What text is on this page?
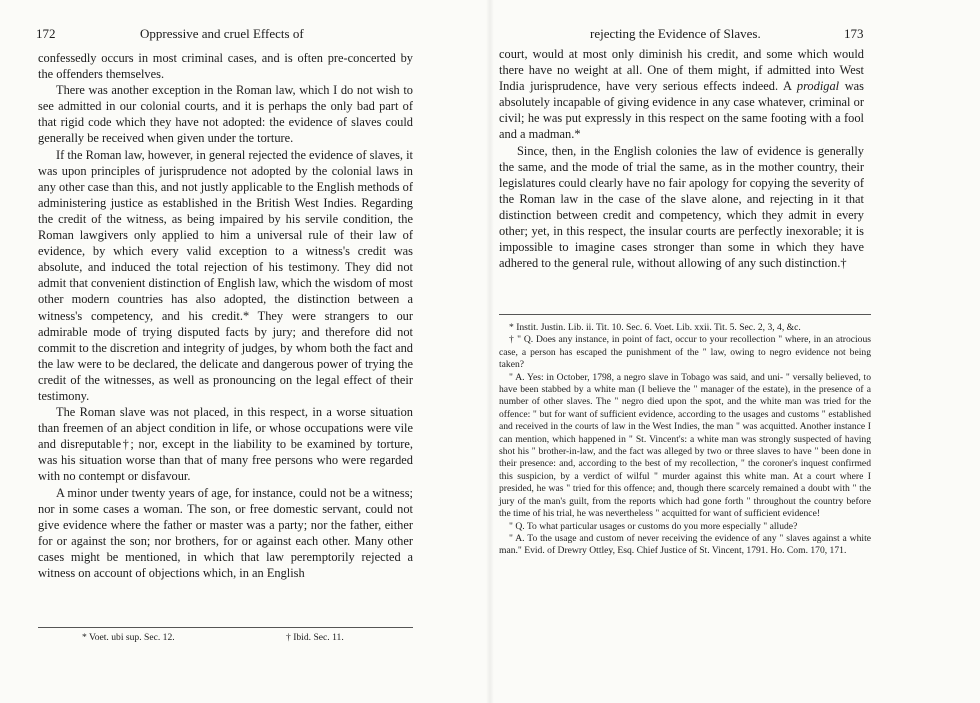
172	Oppressive and cruel Effects of

confessedly occurs in most criminal cases, and is often pre-concerted by the offenders themselves.

There was another exception in the Roman law, which I do not wish to see admitted in our colonial courts, and it is perhaps the only bad part of that rigid code which they have not adopted: the evidence of slaves could generally be received when given under the torture.

If the Roman law, however, in general rejected the evidence of slaves, it was upon principles of jurisprudence not adopted by the colonial laws in any other case than this, and not justly applicable to the English methods of administering justice as established in the British West Indies. Regarding the credit of the witness, as being impaired by his servile condition, the Roman lawgivers only applied to him a universal rule of their law of evidence, by which every valid exception to a witness's credit was absolute, and induced the total rejection of his testimony. They did not admit that convenient distinction of English law, which the wisdom of most other modern countries has also adopted, the distinction between a witness's competency, and his credit.* They were strangers to our admirable mode of trying disputed facts by jury; and therefore did not commit to the discretion and integrity of judges, by whom both the fact and the law were to be declared, the delicate and dangerous power of trying the credit of the witnesses, as well as pronouncing on the legal effect of their testimony.

The Roman slave was not placed, in this respect, in a worse situation than freemen of an abject condition in life, or whose occupations were vile and disreputable†; nor, except in the liability to be examined by torture, was his situation worse than that of many free persons who were regarded with no contempt or disfavour.

A minor under twenty years of age, for instance, could not be a witness; nor in some cases a woman. The son, or free domestic servant, could not give evidence where the father or master was a party; nor the father, either for or against the son; nor brothers, for or against each other. Many other cases might be mentioned, in which that law peremptorily rejected a witness on account of objections which, in an English

* Voet. ubi sup. Sec. 12.	† Ibid. Sec. 11.
rejecting the Evidence of Slaves.	173

court, would at most only diminish his credit, and some which would there have no weight at all. One of them might, if admitted into West India jurisprudence, have very serious effects indeed. A prodigal was absolutely incapable of giving evidence in any case whatever, criminal or civil; he was put expressly in this respect on the same footing with a fool and a madman.*

Since, then, in the English colonies the law of evidence is generally the same, and the mode of trial the same, as in the mother country, their legislatures could clearly have no fair apology for copying the severity of the Roman law in the case of the slave alone, and rejecting in it that distinction between credit and competency, which they admit in every other; yet, in this respect, the insular courts are perfectly inexorable; it is impossible to imagine cases stronger than some in which they have adhered to the general rule, without allowing of any such distinction.†

* Instit. Justin. Lib. ii. Tit. 10. Sec. 6. Voet. Lib. xxii. Tit. 5. Sec. 2, 3, 4, &c.

† " Q. Does any instance, in point of fact, occur to your recollection " where, in an atrocious case, a person has escaped the punishment of the " law, owing to negro evidence not being taken?

" A. Yes: in October, 1798, a negro slave in Tobago was said, and uni- " versally believed, to have been stabbed by a white man (I believe the " manager of the estate), in the presence of a number of other slaves. The " negro died upon the spot, and the white man was tried for the offence: " but for want of sufficient evidence, according to the usages and customs " established and received in the courts of law in the West Indies, the man " was acquitted. Another instance I can mention, which happened in " St. Vincent's: a white man was strongly suspected of having shot his " brother-in-law, and the fact was alleged by two or three slaves to have " been done in their presence: and, according to the best of my recollection, " the coroner's inquest confirmed this suspicion, by a verdict of wilful " murder against this white man. At a court where I presided, he was " tried for this offence; and, though there scarcely remained a doubt with " the jury of the man's guilt, from the reports which had gone forth " throughout the country before the time of his trial, he was nevertheless " acquitted for want of sufficient evidence!

" Q. To what particular usages or customs do you more especially " allude?

" A. To the usage and custom of never receiving the evidence of any " slaves against a white man." Evid. of Drewry Ottley, Esq. Chief Justice of St. Vincent, 1791. Ho. Com. 170, 171.
